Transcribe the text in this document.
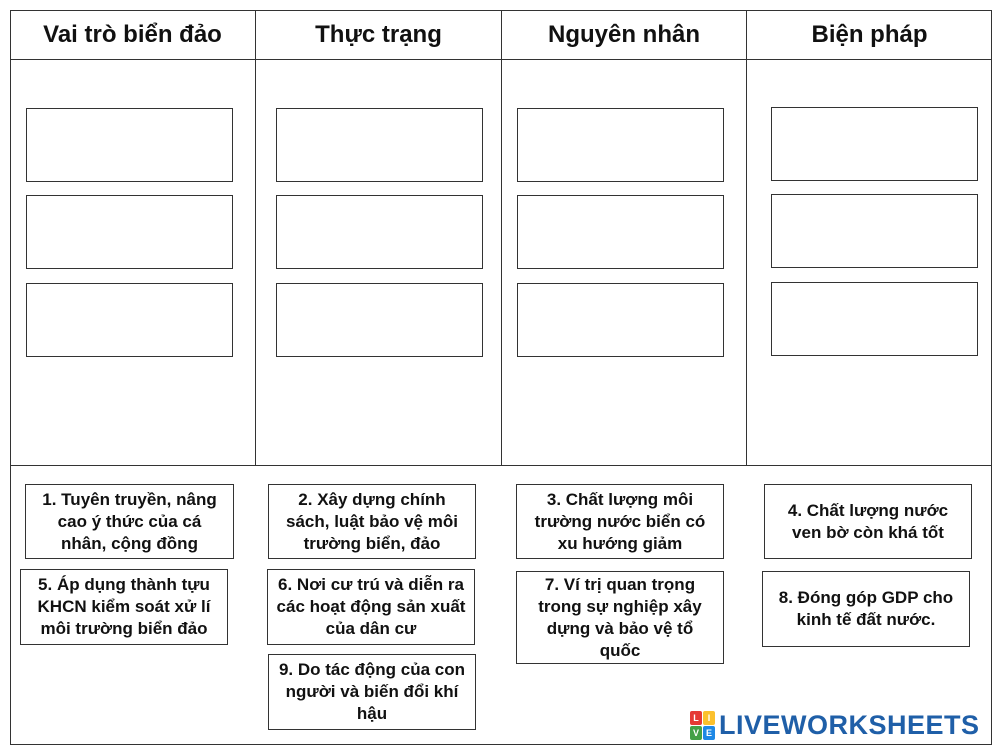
Vai trò biển đảo	Thực trạng	Nguyên nhân	Biện pháp
1. Tuyên truyền, nâng cao ý thức của cá nhân, cộng đồng
2. Xây dựng chính sách, luật bảo vệ môi trường biển, đảo
3. Chất lượng môi trường nước biển có xu hướng giảm
4. Chất lượng nước ven bờ còn khá tốt
5. Áp dụng thành tựu KHCN kiểm soát xử lí môi trường biển đảo
6. Nơi cư trú và diễn ra các hoạt động sản xuất của dân cư
7. Ví trị quan trọng trong sự nghiệp xây dựng và bảo vệ tổ quốc
8. Đóng góp GDP cho kinh tế đất nước.
9. Do tác động của con người và biến đổi khí hậu	L I
V E LIVEWORKSHEETS
